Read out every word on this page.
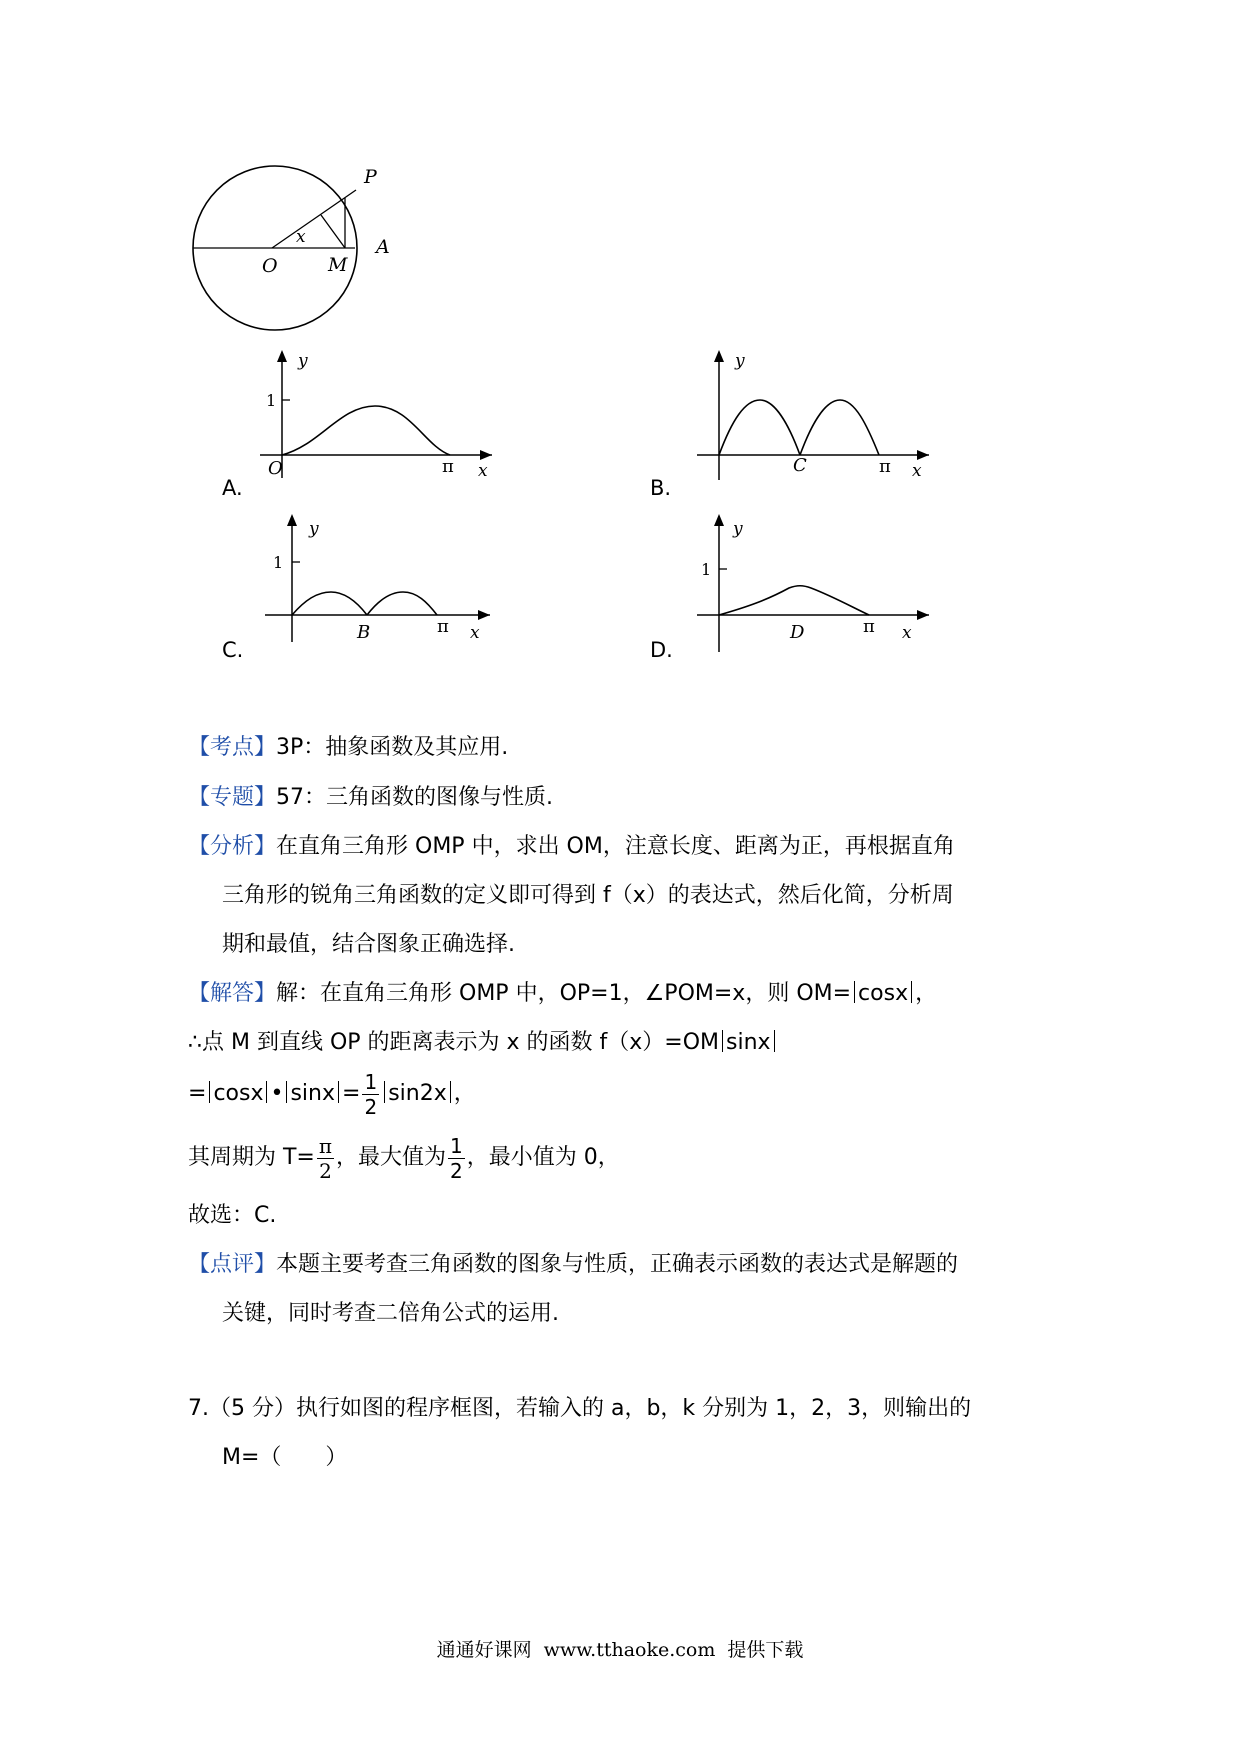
P
O	M
A
x
y
1
O	π x
A.
y
C	π x
B.
y
1
B	π x
C.
y
1
D	π x
D.
【考点】3P：抽象函数及其应用.
【专题】57：三角函数的图像与性质.
【分析】在直角三角形 OMP 中，求出 OM，注意长度、距离为正，再根据直角
三角形的锐角三角函数的定义即可得到 f（x）的表达式，然后化简，分析周
期和最值，结合图象正确选择.
【解答】解：在直角三角形 OMP 中，OP=1，∠POM=x，则 OM= cosx ，
∴点 M 到直线 OP 的距离表示为 x 的函数 f（x）=OM sinx
= cosx • $\sin x = \frac{1}{2} \sin 2x$ ，
其周期为 $T= \frac{\pi}{2}$ ，最大值为 $\frac{1}{2}$ ，最小值为 0，
故选：C.
【点评】本题主要考查三角函数的图象与性质，正确表示函数的表达式是解题的
关键，同时考查二倍角公式的运用.
7.（5 分）执行如图的程序框图，若输入的 a，b，k 分别为 1，2，3，则输出的
M=（　　）
通通好课网 www.tthaoke.com 提供下载
